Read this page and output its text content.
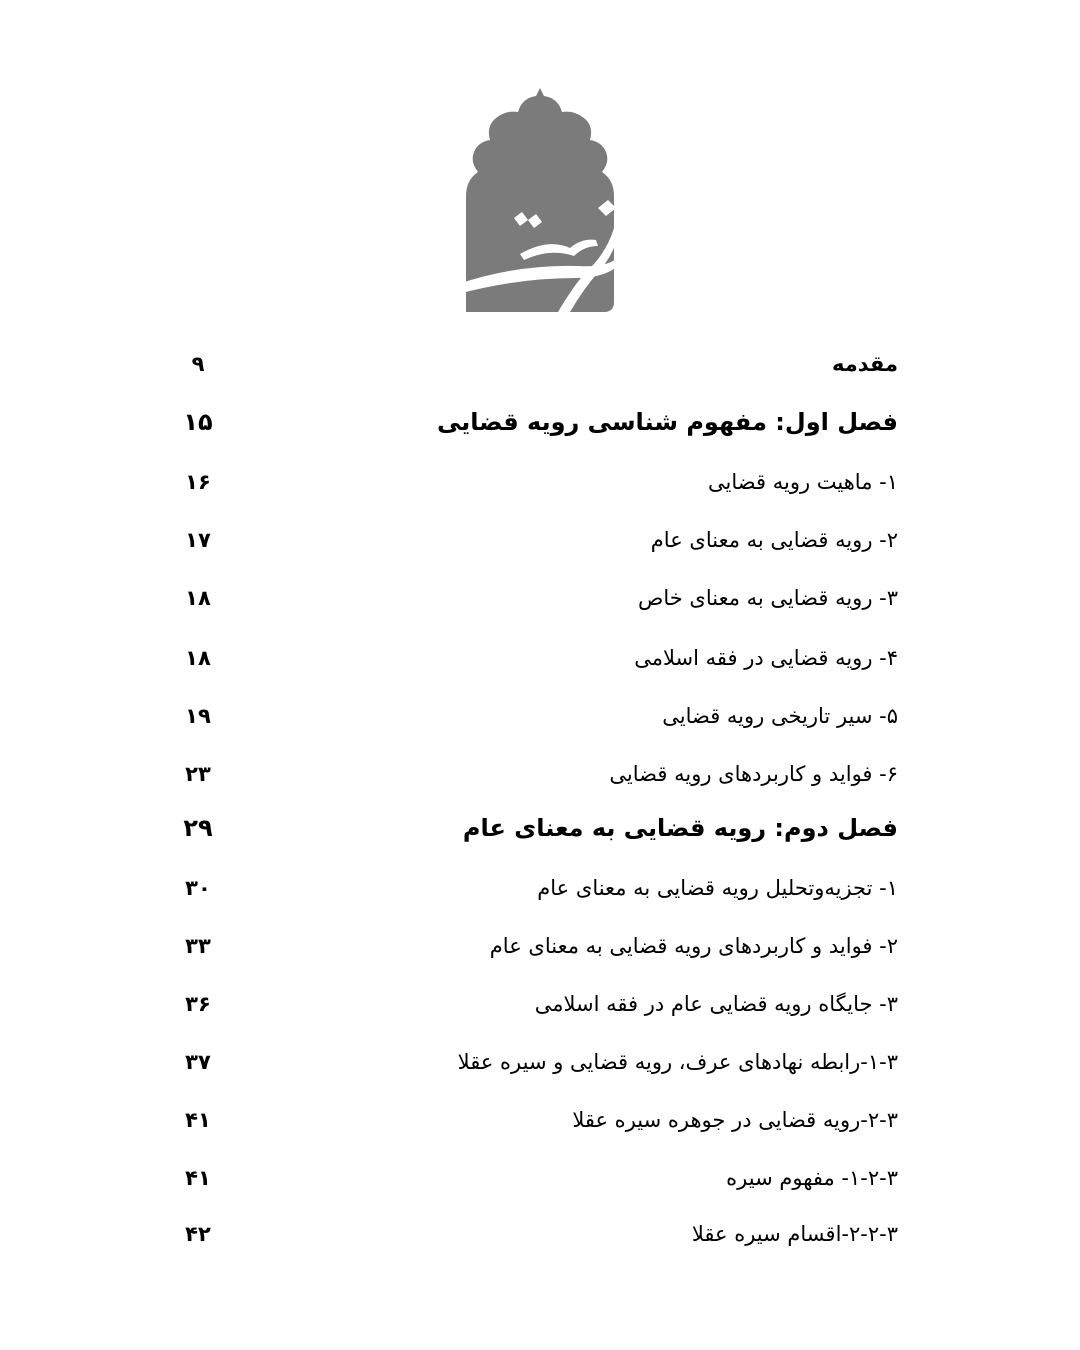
مقدمه
۹
فصل اول: مفهوم شناسی رویه قضایی
۱۵
۱- ماهیت رویه قضایی
۱۶
۲- رویه قضایی به معنای عام
۱۷
۳- رویه قضایی به معنای خاص
۱۸
۴- رویه قضایی در فقه اسلامی
۱۸
۵- سیر تاریخی رویه قضایی
۱۹
۶- فواید و کاربردهای رویه قضایی
۲۳
فصل دوم: رویه قضایی به معنای عام
۲۹
۱- تجزیه‌وتحلیل رویه قضایی به معنای عام
۳۰
۲- فواید و کاربردهای رویه قضایی به معنای عام
۳۳
۳- جایگاه رویه قضایی عام در فقه اسلامی
۳۶
۱-۳-رابطه نهادهای عرف، رویه قضایی و سیره عقلا
۳۷
۲-۳-رویه قضایی در جوهره سیره عقلا
۴۱
۱-۲-۳- مفهوم سیره
۴۱
۲-۲-۳-اقسام سیره عقلا
۴۲
